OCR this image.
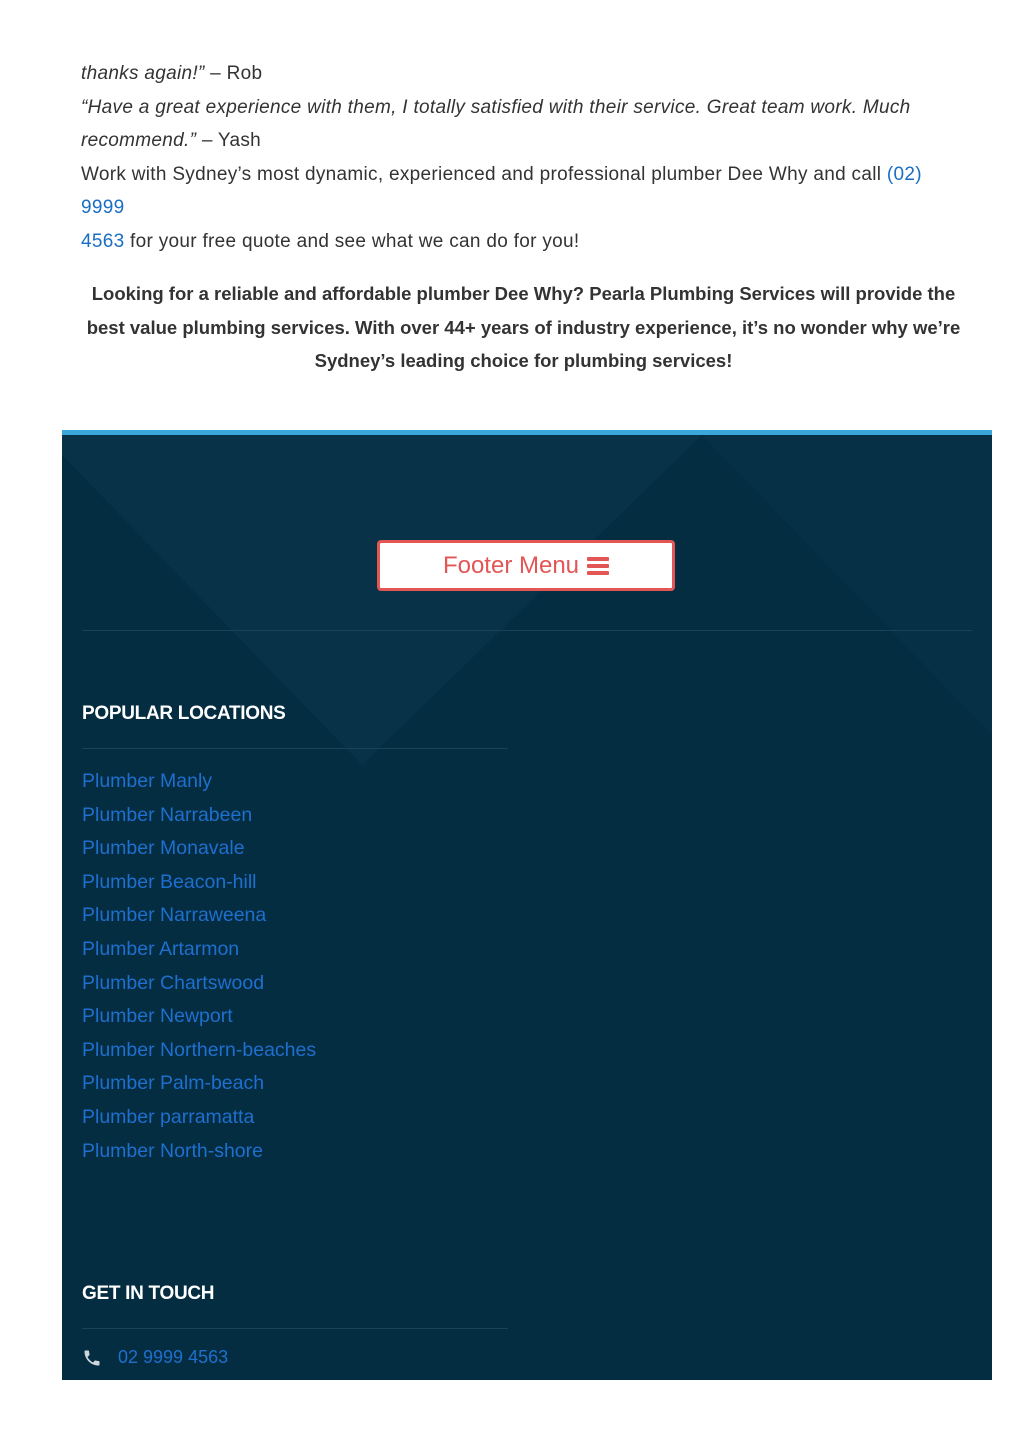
thanks again!” – Rob

“Have a great experience with them, I totally satisfied with their service. Great team work. Much

recommend.” – Yash

Work with Sydney’s most dynamic, experienced and professional plumber Dee Why and call (02) 9999

4563 for your free quote and see what we can do for you!

Looking for a reliable and affordable plumber Dee Why? Pearla Plumbing Services will provide the
best value plumbing services. With over 44+ years of industry experience, it’s no wonder why we’re
Sydney’s leading choice for plumbing services!
Footer Menu
POPULAR LOCATIONS
Plumber Manly
Plumber Narrabeen
Plumber Monavale
Plumber Beacon-hill
Plumber Narraweena
Plumber Artarmon
Plumber Chartswood
Plumber Newport
Plumber Northern-beaches
Plumber Palm-beach
Plumber parramatta
Plumber North-shore
GET IN TOUCH
02 9999 4563
